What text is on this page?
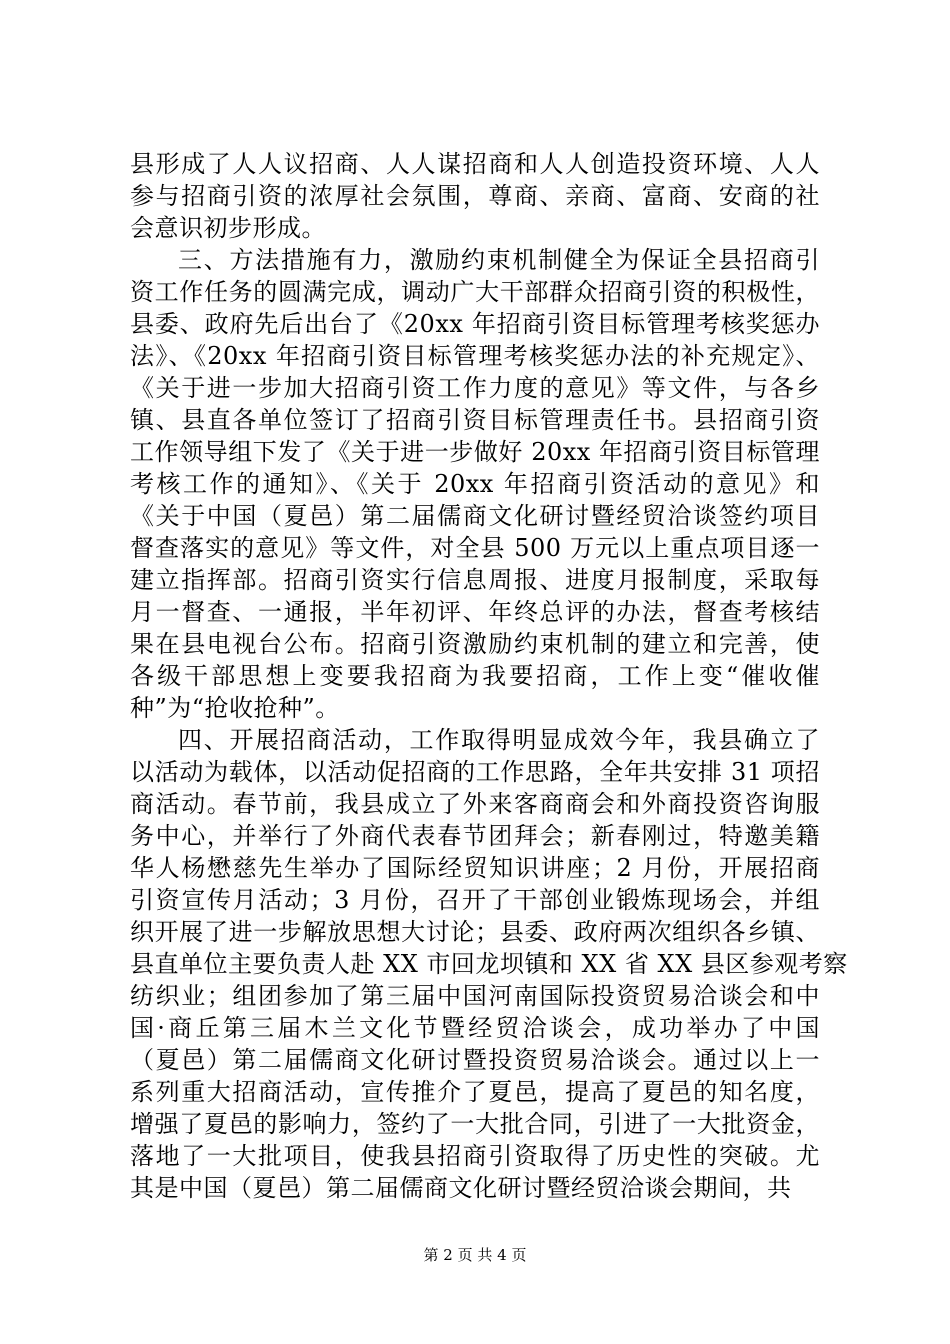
县形成了人人议招商、人人谋招商和人人创造投资环境、人人
参与招商引资的浓厚社会氛围，尊商、亲商、富商、安商的社
会意识初步形成。
三、方法措施有力，激励约束机制健全为保证全县招商引
资工作任务的圆满完成，调动广大干部群众招商引资的积极性，
县委、政府先后出台了《20xx 年招商引资目标管理考核奖惩办
法》、《20xx 年招商引资目标管理考核奖惩办法的补充规定》、
《关于进一步加大招商引资工作力度的意见》等文件，与各乡
镇、县直各单位签订了招商引资目标管理责任书。县招商引资
工作领导组下发了《关于进一步做好 20xx 年招商引资目标管理
考核工作的通知》、《关于 20xx 年招商引资活动的意见》和
《关于中国（夏邑）第二届儒商文化研讨暨经贸洽谈签约项目
督查落实的意见》等文件，对全县 500 万元以上重点项目逐一
建立指挥部。招商引资实行信息周报、进度月报制度，采取每
月一督查、一通报，半年初评、年终总评的办法，督查考核结
果在县电视台公布。招商引资激励约束机制的建立和完善，使
各级干部思想上变要我招商为我要招商，工作上变“催收催
种”为“抢收抢种”。
四、开展招商活动，工作取得明显成效今年，我县确立了
以活动为载体，以活动促招商的工作思路，全年共安排 31 项招
商活动。春节前，我县成立了外来客商商会和外商投资咨询服
务中心，并举行了外商代表春节团拜会；新春刚过，特邀美籍
华人杨懋慈先生举办了国际经贸知识讲座；2 月份，开展招商
引资宣传月活动；3 月份，召开了干部创业锻炼现场会，并组
织开展了进一步解放思想大讨论；县委、政府两次组织各乡镇、
县直单位主要负责人赴 XX 市回龙坝镇和 XX 省 XX 县区参观考察
纺织业；组团参加了第三届中国河南国际投资贸易洽谈会和中
国·商丘第三届木兰文化节暨经贸洽谈会，成功举办了中国
（夏邑）第二届儒商文化研讨暨投资贸易洽谈会。通过以上一
系列重大招商活动，宣传推介了夏邑，提高了夏邑的知名度，
增强了夏邑的影响力，签约了一大批合同，引进了一大批资金，
落地了一大批项目，使我县招商引资取得了历史性的突破。尤
其是中国（夏邑）第二届儒商文化研讨暨经贸洽谈会期间，共
第 2 页 共 4 页
